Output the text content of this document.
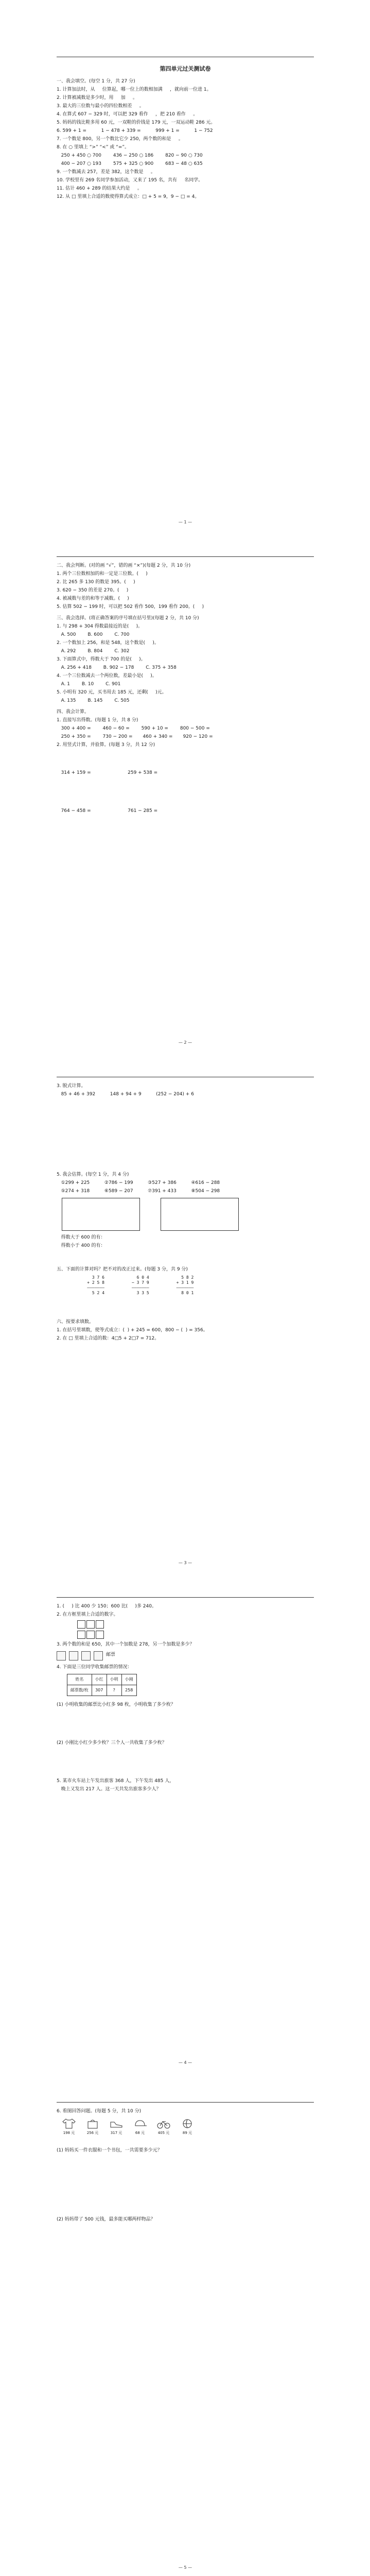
第四单元过关测试卷
一、我会填空。(每空 1 分，共 27 分)
1. 计算加法时，从     位算起，哪一位上的数相加满     ，就向前一位进 1。
2. 计算被减数是多少时，用     加     。
3. 最大的三位数与最小的四位数相差     。
4. 在算式 607 − 329 时，可以把 329 看作     ，把 210 看作     。
5. 妈妈的钱比鞋多用 60 元，一双鞋的价钱是 179 元，一双运动鞋 286 元。
6. 599 + 1 =          1 − 478 + 339 =          999 + 1 =          1 − 752
7. 一个数是 800，另一个数比它少 250，两个数的和是     。
8. 在 ○ 里填上 “>” “<” 或 “=”。
250 + 450 ○ 700        436 − 250 ○ 186        820 − 90 ○ 730
400 − 207 ○ 193        575 + 325 ○ 900        683 − 48 ○ 635
9. 一个数减去 257，差是 382，这个数是     。
10. 学校里有 269 名同学参加活动，又来了 195 名，共有     名同学。
11. 估计 460 + 289 的结果大约是     。
12. 从 □ 里填上合适的数使得算式成立：□ + 5 = 9，9 − □ = 4。
— 1 —
二、我会判断。(对的画 “√”，错的画 “×”)(每题 2 分，共 10 分)
1. 两个三位数相加的和一定是三位数。(     )
2. 比 265 多 130 的数是 395。(     )
3. 620 − 350 的差是 270。(     )
4. 被减数与差的和等于减数。(     )
5. 估算 502 − 199 时，可以把 502 看作 500，199 看作 200。(     )
三、我会选择。(将正确答案的序号填在括号里)(每题 2 分，共 10 分)
1. 与 298 + 304 得数最接近的是(     )。
A. 500        B. 600        C. 700
2. 一个数加上 256，和是 548，这个数是(     )。
A. 292        B. 804        C. 302
3. 下面算式中，得数大于 700 的是(     )。
A. 256 + 418        B. 902 − 178        C. 375 + 358
4. 一个三位数减去一个两位数，差最小是(     )。
A. 1        B. 10        C. 901
5. 小明有 320 元，买书用去 185 元，还剩(     )元。
A. 135        B. 145        C. 505
四、我会计算。
1. 直接写出得数。(每题 1 分，共 8 分)
300 + 400 =        460 − 60 =        590 + 10 =        800 − 500 =
250 + 350 =        730 − 200 =       460 + 340 =       920 − 120 =
2. 用竖式计算，并验算。(每题 3 分，共 12 分)
314 + 159 =                         259 + 538 =
764 − 458 =                         761 − 285 =
— 2 —
3. 脱式计算。
85 + 46 + 392          148 + 94 + 9          (252 − 204) + 6
5. 我会估算。(每空 1 分，共 4 分)
①299 + 225          ②786 − 199          ③527 + 386          ④616 − 288
⑤274 + 318          ⑥589 − 207          ⑦391 + 433          ⑧504 − 298
得数大于 600 的有：
得数小于 400 的有：
五、下面的计算对吗？把不对的改正过来。(每题 3 分，共 9 分)
3 7 6             6 0 4             5 8 2
+ 2 5 8           − 3 7 9           + 3 1 9
———————           ———————           ———————
5 2 4             3 3 5             8 0 1
六、按要求填数。
1. 在括号里填数，使等式成立：(  ) + 245 = 600，800 − (  ) = 356。
2. 在 □ 里填上合适的数：4□5 + 2□7 = 712。
— 3 —
1. (     ) 比 400 少 150；600 比(     )多 240。
2. 在方框里填上合适的数字。
3. 两个数的和是 650，其中一个加数是 278，另一个加数是多少？
邮票
4. 下面是三位同学收集邮票的情况：
姓名	小红	小明	小刚
邮票数/枚	307	?	258
(1) 小明收集的邮票比小红多 98 枚，小明收集了多少枚？
(2) 小刚比小红少多少枚？三个人一共收集了多少枚？
5. 某市火车站上午发出旅客 368 人，下午发出 485 人，
晚上又发出 217 人。这一天共发出旅客多少人？
— 4 —
6. 看图回答问题。(每题 5 分，共 10 分)
198 元	256 元	317 元	68 元	405 元	89 元
(1) 妈妈买一件衣服和一个书包，一共需要多少元？
(2) 妈妈带了 500 元钱，最多能买哪两样物品？
— 5 —
